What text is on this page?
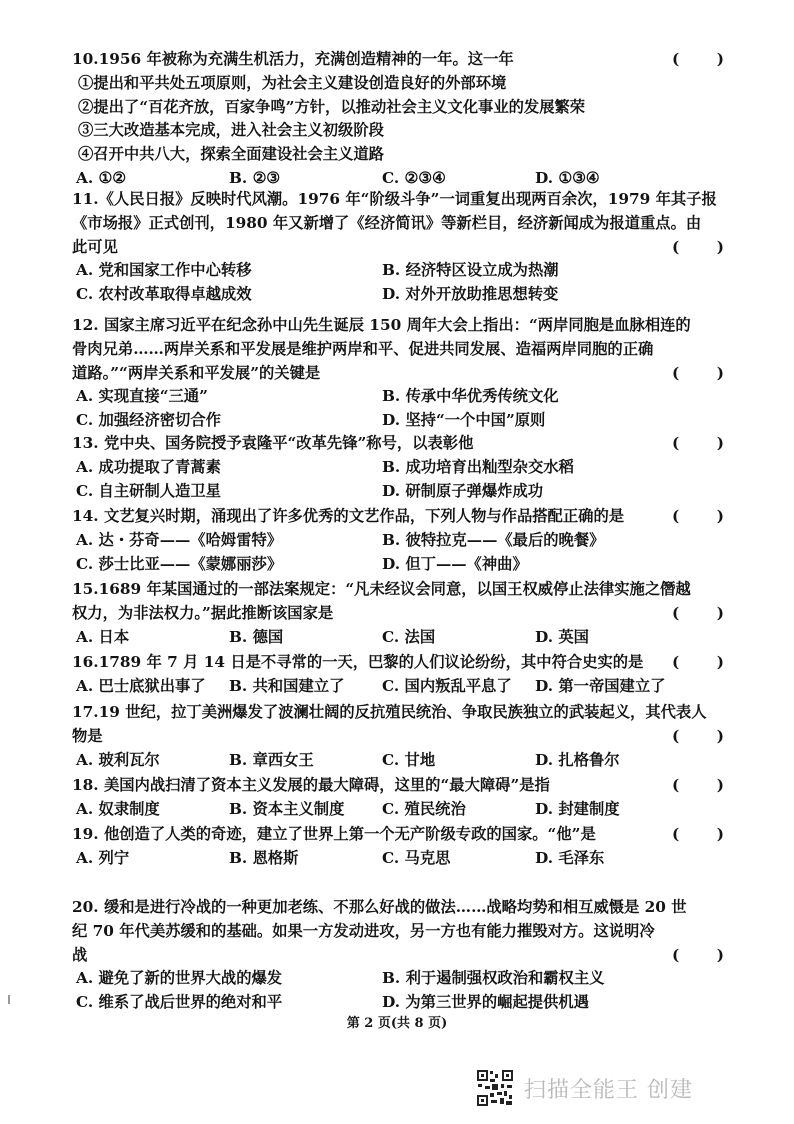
10.1956 年被称为充满生机活力，充满创造精神的一年。这一年	( )
①提出和平共处五项原则，为社会主义建设创造良好的外部环境
②提出了“百花齐放，百家争鸣”方针，以推动社会主义文化事业的发展繁荣
③三大改造基本完成，进入社会主义初级阶段
④召开中共八大，探索全面建设社会主义道路
A. ①②	B. ②③	C. ②③④	D. ①③④
11.《人民日报》反映时代风潮。1976 年“阶级斗争”一词重复出现两百余次，1979 年其子报
《市场报》正式创刊，1980 年又新增了《经济简讯》等新栏目，经济新闻成为报道重点。由
此可见	( )
A. 党和国家工作中心转移	B. 经济特区设立成为热潮
C. 农村改革取得卓越成效	D. 对外开放助推思想转变
12. 国家主席习近平在纪念孙中山先生诞辰 150 周年大会上指出：“两岸同胞是血脉相连的
骨肉兄弟……两岸关系和平发展是维护两岸和平、促进共同发展、造福两岸同胞的正确
道路。”“两岸关系和平发展”的关键是	( )
A. 实现直接“三通”	B. 传承中华优秀传统文化
C. 加强经济密切合作	D. 坚持“一个中国”原则
13. 党中央、国务院授予袁隆平“改革先锋”称号，以表彰他	( )
A. 成功提取了青蒿素	B. 成功培育出籼型杂交水稻
C. 自主研制人造卫星	D. 研制原子弹爆炸成功
14. 文艺复兴时期，涌现出了许多优秀的文艺作品，下列人物与作品搭配正确的是	( )
A. 达・芬奇——《哈姆雷特》	B. 彼特拉克——《最后的晚餐》
C. 莎士比亚——《蒙娜丽莎》	D. 但丁——《神曲》
15.1689 年某国通过的一部法案规定：“凡未经议会同意，以国王权威停止法律实施之僭越
权力，为非法权力。”据此推断该国家是	( )
A. 日本	B. 德国	C. 法国	D. 英国
16.1789 年 7 月 14 日是不寻常的一天，巴黎的人们议论纷纷，其中符合史实的是 ( )
A. 巴士底狱出事了	B. 共和国建立了	C. 国内叛乱平息了	D. 第一帝国建立了
17.19 世纪，拉丁美洲爆发了波澜壮阔的反抗殖民统治、争取民族独立的武装起义，其代表人
物是	( )
A. 玻利瓦尔	B. 章西女王	C. 甘地	D. 扎格鲁尔
18. 美国内战扫清了资本主义发展的最大障碍，这里的“最大障碍”是指	( )
A. 奴隶制度	B. 资本主义制度	C. 殖民统治	D. 封建制度
19. 他创造了人类的奇迹，建立了世界上第一个无产阶级专政的国家。“他”是	( )
A. 列宁	B. 恩格斯	C. 马克思	D. 毛泽东
20. 缓和是进行冷战的一种更加老练、不那么好战的做法……战略均势和相互威慑是 20 世
纪 70 年代美苏缓和的基础。如果一方发动进攻，另一方也有能力摧毁对方。这说明冷
战	( )
A. 避免了新的世界大战的爆发	B. 利于遏制强权政治和霸权主义
C. 维系了战后世界的绝对和平	D. 为第三世界的崛起提供机遇
第 2 页(共 8 页)
扫描全能王 创建
